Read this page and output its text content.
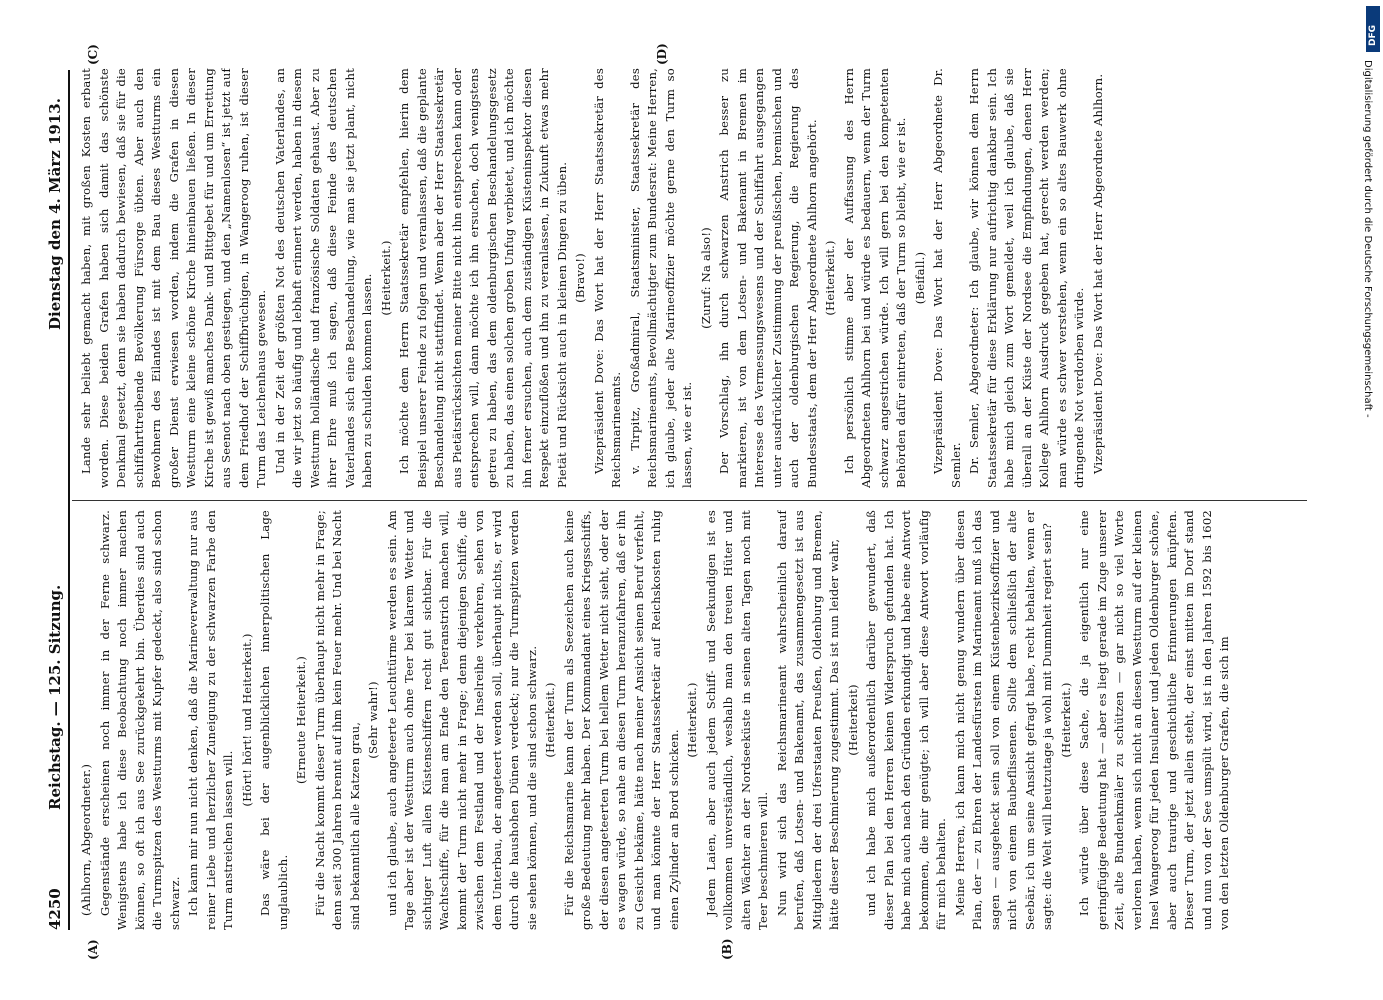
4250
Reichstag. — 125. Sitzung.
Dienstag den 4. März 1913.
(A)	(B)
(C)	(D)

(Ahlhorn, Abgeordneter.) Gegenstände erscheinen noch immer in der Ferne schwarz. Wenigstens habe ich diese Beobachtung noch immer machen können, so oft ich aus See zurückgekehrt bin. Überdies sind auch die Turmspitzen des Westturms mit Kupfer gedeckt, also sind schon schwarz. Ich kann mir nun nicht denken, daß die Marineverwaltung nur aus reiner Liebe und herzlicher Zuneigung zu der schwarzen Farbe den Turm anstreichen lassen will.

(Hört! hört! und Heiterkeit.) Das wäre bei der augenblicklichen innerpolitischen Lage unglaublich.

(Erneute Heiterkeit.) Für die Nacht kommt dieser Turm überhaupt nicht mehr in Frage; denn seit 300 Jahren brennt auf ihm kein Feuer mehr. Und bei Nacht sind bekanntlich alle Katzen grau,

(Sehr wahr!) und ich glaube, auch angeteerte Leuchttürme werden es sein. Am Tage aber ist der Westturm auch ohne Teer bei klarem Wetter und sichtiger Luft allen Küstenschiffern recht gut sichtbar. Für die Wachtschiffe, für die man am Ende den Teeranstrich machen will, kommt der Turm nicht mehr in Frage; denn diejenigen Schiffe, die zwischen dem Festland und der Inselreihe verkehren, sehen von dem Unterbau, der angeteert werden soll, überhaupt nichts, er wird durch die haushohen Dünen verdeckt; nur die Turmspitzen werden sie sehen können, und die sind schon schwarz. (Heiterkeit.) Für die Reichsmarine kann der Turm als Seezeichen auch keine große Bedeutung mehr haben. Der Kommandant eines Kriegsschiffs, der diesen angeteerten Turm bei hellem Wetter nicht sieht, oder der es wagen würde, so nahe an diesen Turm heranzufahren, daß er ihn zu Gesicht bekäme, hätte nach meiner Ansicht seinen Beruf verfehlt, und man könnte der Herr Staatssekretär auf Reichskosten ruhig einen Zylinder an Bord schicken.

(Heiterkeit.) Jedem Laien, aber auch jedem Schiff- und Seekundigen ist es vollkommen unverständlich, weshalb man den treuen Hüter und alten Wächter an der Nordseeküste in seinen alten Tagen noch mit Teer beschmieren will. Nun wird sich das Reichsmarineamt wahrscheinlich darauf berufen, daß Lotsen- und Bakenamt, das zusammengesetzt ist aus Mitgliedern der drei Uferstaaten Preußen, Oldenburg und Bremen, hätte dieser Beschmierung zugestimmt. Das ist nun leider wahr, (Heiterkeit) und ich habe mich außerordentlich darüber gewundert, daß dieser Plan bei den Herren keinen Widerspruch gefunden hat. Ich habe mich auch nach den Gründen erkundigt und habe eine Antwort bekommen, die mir genügte; ich will aber diese Antwort vorläufig für mich behalten. Meine Herren, ich kann mich nicht genug wundern über diesen Plan, der — zu Ehren der Landesfürsten im Marineamt muß ich das sagen — ausgeheckt sein soll von einem Küstenbezirksoffizier und nicht von einem Baubeflissenen. Sollte dem schließlich der alte Seebär, ich um seine Ansicht gefragt habe, recht behalten, wenn er sagte: die Welt will heutzutage ja wohl mit Dummheit regiert sein? (Heiterkeit.) Ich würde über diese Sache, die ja eigentlich nur eine geringfügige Bedeutung hat — aber es liegt gerade im Zuge unserer Zeit, alte Bundenkmäler zu schützen — gar nicht so viel Worte verloren haben, wenn sich nicht an diesen Westturm auf der kleinen Insel Wangeroog für jeden Insulaner und jeden Oldenburger schöne, aber auch traurige und geschichtliche Erinnerungen knüpften. Dieser Turm, der jetzt allein steht, der einst mitten im Dorf stand und nun von der See umspült wird, ist in den Jahren 1592 bis 1602 von den letzten Oldenburger Grafen, die sich im

Lande sehr beliebt gemacht haben, mit großen Kosten erbaut worden. Diese beiden Grafen haben sich damit das schönste Denkmal gesetzt, denn sie haben dadurch bewiesen, daß sie für die schiffahrttreibende Bevölkerung Fürsorge übten. Aber auch den Bewohnern des Eilandes ist mit dem Bau dieses Westturms ein großer Dienst erwiesen worden, indem die Grafen in diesen Westturm eine kleine schöne Kirche hineinbauen ließen. In dieser Kirche ist gewiß manches Dank- und Bittgebet für und um Errettung aus Seenot nach oben gestiegen, und den „Namenlosen“ ist jetzt auf dem Friedhof der Schiffbrüchigen, in Wangeroog ruhen, ist dieser Turm das Leichenhaus gewesen. Und in der Zeit der größten Not des deutschen Vaterlandes, an die wir jetzt so häufig und lebhaft erinnert werden, haben in diesem Westturm holländische und französische Soldaten gehaust. Aber zu ihrer Ehre muß ich sagen, daß diese Feinde des deutschen Vaterlandes sich eine Beschandelung, wie man sie jetzt plant, nicht haben zu schulden kommen lassen. (Heiterkeit.) Ich möchte dem Herrn Staatssekretär empfehlen, hierin dem Beispiel unserer Feinde zu folgen und veranlassen, daß die geplante Beschandelung nicht stattfindet. Wenn aber der Herr Staatssekretär aus Pietätsrücksichten meiner Bitte nicht ihn entsprechen kann oder entsprechen will, dann möchte ich ihn ersuchen, doch wenigstens getreu zu haben, das dem oldenburgischen Beschandelungsgesetz zu haben, das einen solchen groben Unfug verbietet, und ich möchte ihn ferner ersuchen, auch dem zuständigen Küsteninspektor diesen Respekt einzuflößen und ihn zu veranlassen, in Zukunft etwas mehr Pietät und Rücksicht auch in kleinen Dingen zu üben. (Bravo!) Vizepräsident Dove: Das Wort hat der Herr Staatssekretär des Reichsmarineamts. v. Tirpitz, Großadmiral, Staatsminister, Staatssekretär des Reichsmarineamts, Bevollmächtigter zum Bundesrat: Meine Herren, ich glaube, jeder alte Marineoffizier möchte gerne den Turm so lassen, wie er ist.

(Zuruf: Na also!) Der Vorschlag, ihn durch schwarzen Anstrich besser zu markieren, ist von dem Lotsen- und Bakenamt in Bremen im Interesse des Vermessungswesens und der Schiffahrt ausgegangen unter ausdrücklicher Zustimmung der preußischen, bremischen und auch der oldenburgischen Regierung, die Regierung des Bundesstaats, dem der Herr Abgeordnete Ahlhorn angehört. (Heiterkeit.) Ich persönlich stimme aber der Auffassung des Herrn Abgeordneten Ahlhorn bei und würde es bedauern, wenn der Turm schwarz angestrichen würde. Ich will gern bei den kompetenten Behörden dafür eintreten, daß der Turm so bleibt, wie er ist. (Beifall.) Vizepräsident Dove: Das Wort hat der Herr Abgeordnete Dr. Semler. Dr. Semler, Abgeordneter: Ich glaube, wir können dem Herrn Staatssekretär für diese Erklärung nur aufrichtig dankbar sein. Ich habe mich gleich zum Wort gemeldet, weil ich glaube, daß sie überall an der Küste der Nordsee die Empfindungen, denen Herr Kollege Ahlhorn Ausdruck gegeben hat, gerecht werden werden; man würde es schwer verstehen, wenn ein so altes Bauwerk ohne dringende Not verdorben würde. Vizepräsident Dove: Das Wort hat der Herr Abgeordnete Ahlhorn.

DFG
Digitalisierung gefördert durch die Deutsche Forschungsgemeinschaft -
